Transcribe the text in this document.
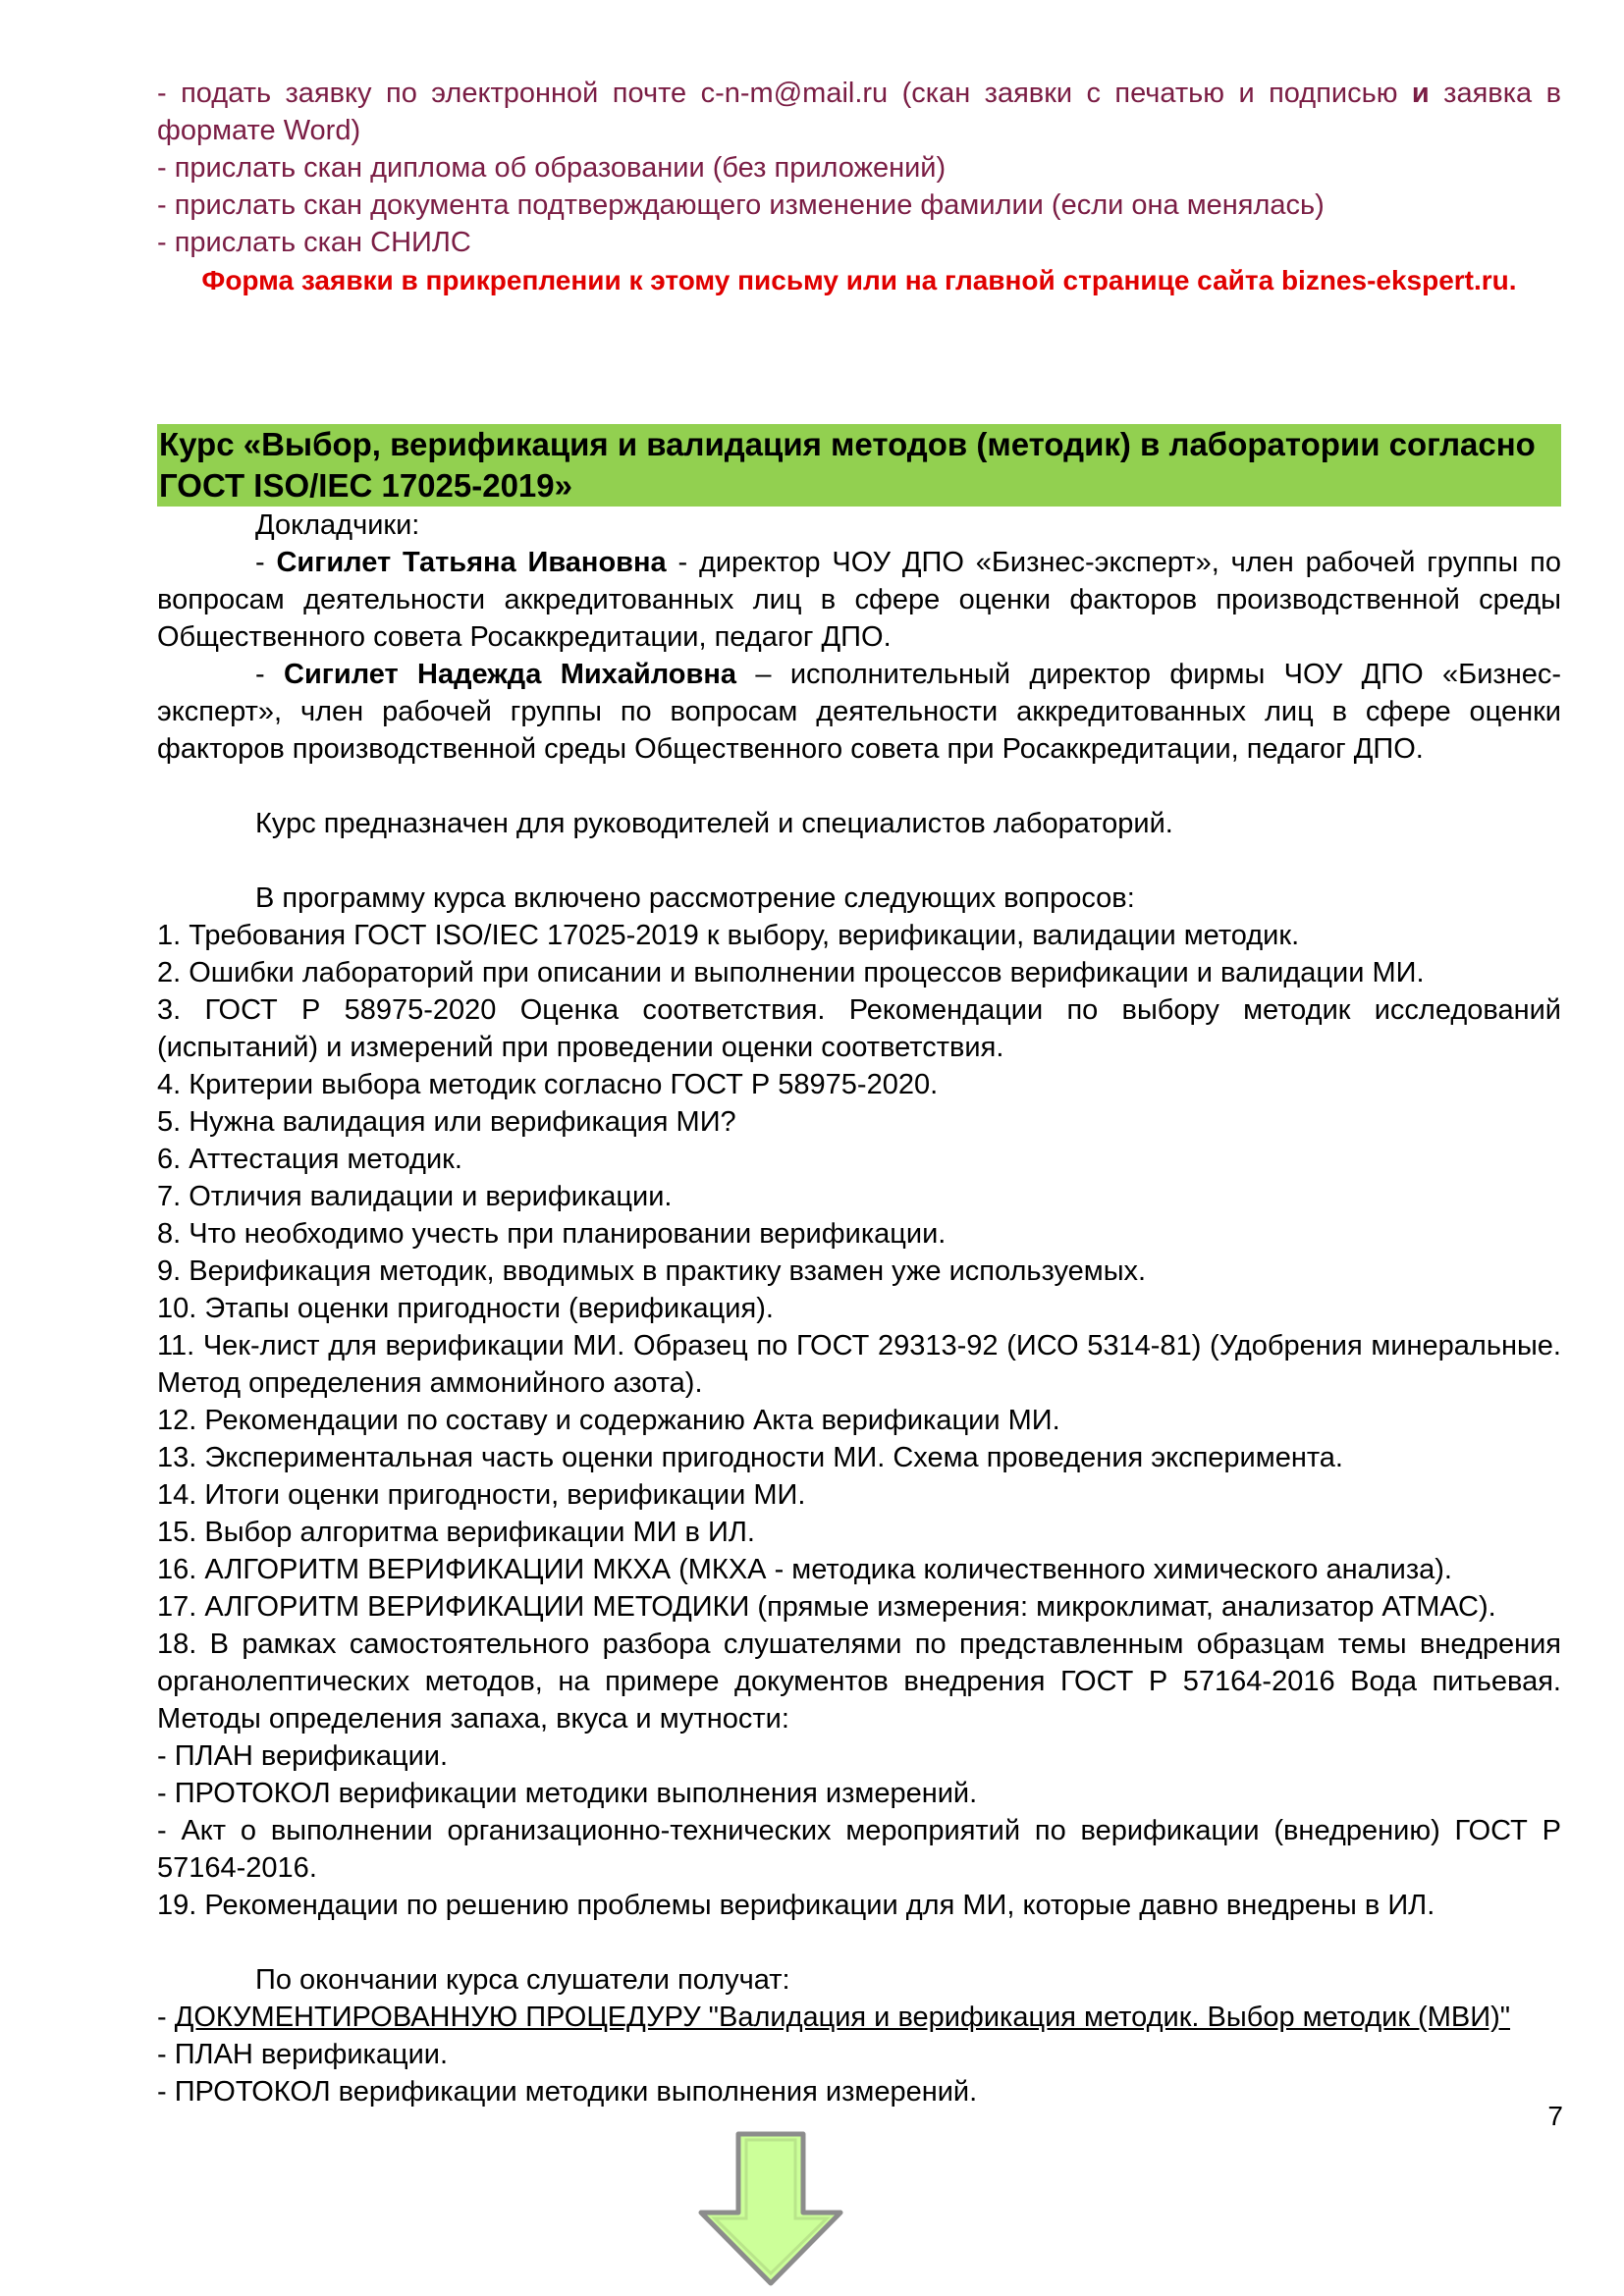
- подать заявку по электронной почте c-n-m@mail.ru (скан заявки с печатью и подписью и заявка в формате Word)

- прислать скан диплома об образовании (без приложений)

- прислать скан документа подтверждающего изменение фамилии (если она менялась)

- прислать скан СНИЛС

Форма заявки в прикреплении к этому письму или на главной странице сайта biznes-ekspert.ru.

Курс «Выбор, верификация и валидация методов (методик) в лаборатории согласно ГОСТ ISO/IEC 17025-2019»

Докладчики:

- Сигилет Татьяна Ивановна - директор ЧОУ ДПО «Бизнес-эксперт», член рабочей группы по вопросам деятельности аккредитованных лиц в сфере оценки факторов производственной среды Общественного совета Росаккредитации, педагог ДПО.

- Сигилет Надежда Михайловна – исполнительный директор фирмы ЧОУ ДПО «Бизнес-эксперт», член рабочей группы по вопросам деятельности аккредитованных лиц в сфере оценки факторов производственной среды Общественного совета при Росаккредитации, педагог ДПО.

Курс предназначен для руководителей и специалистов лабораторий.

В программу курса включено рассмотрение следующих вопросов:

1. Требования ГОСТ ISO/IEC 17025-2019 к выбору, верификации, валидации методик.

2. Ошибки лабораторий при описании и выполнении процессов верификации и валидации МИ.

3. ГОСТ Р 58975-2020 Оценка соответствия. Рекомендации по выбору методик исследований (испытаний) и измерений при проведении оценки соответствия.

4. Критерии выбора методик согласно ГОСТ Р 58975-2020.

5. Нужна валидация или верификация МИ?

6. Аттестация методик.

7. Отличия валидации и верификации.

8. Что необходимо учесть при планировании верификации.

9. Верификация методик, вводимых в практику взамен уже используемых.

10. Этапы оценки пригодности (верификация).

11. Чек-лист для верификации МИ. Образец по ГОСТ 29313-92 (ИСО 5314-81) (Удобрения минеральные. Метод определения аммонийного азота).

12. Рекомендации по составу и содержанию Акта верификации МИ.

13. Экспериментальная часть оценки пригодности МИ. Схема проведения эксперимента.

14. Итоги оценки пригодности, верификации МИ.

15. Выбор алгоритма верификации МИ в ИЛ.

16. АЛГОРИТМ ВЕРИФИКАЦИИ МКХА (МКХА - методика количественного химического анализа).

17. АЛГОРИТМ ВЕРИФИКАЦИИ МЕТОДИКИ (прямые измерения: микроклимат, анализатор АТМАС).

18. В рамках самостоятельного разбора слушателями по представленным образцам темы внедрения органолептических методов, на примере документов внедрения ГОСТ Р 57164-2016 Вода питьевая. Методы определения запаха, вкуса и мутности:

- ПЛАН верификации.

- ПРОТОКОЛ верификации методики выполнения измерений.

- Акт о выполнении организационно-технических мероприятий по верификации (внедрению) ГОСТ Р 57164-2016.

19. Рекомендации по решению проблемы верификации для МИ, которые давно внедрены в ИЛ.

По окончании курса слушатели получат:

- ДОКУМЕНТИРОВАННУЮ ПРОЦЕДУРУ "Валидация и верификация методик. Выбор методик (МВИ)"

- ПЛАН верификации.

- ПРОТОКОЛ верификации методики выполнения измерений.

7
